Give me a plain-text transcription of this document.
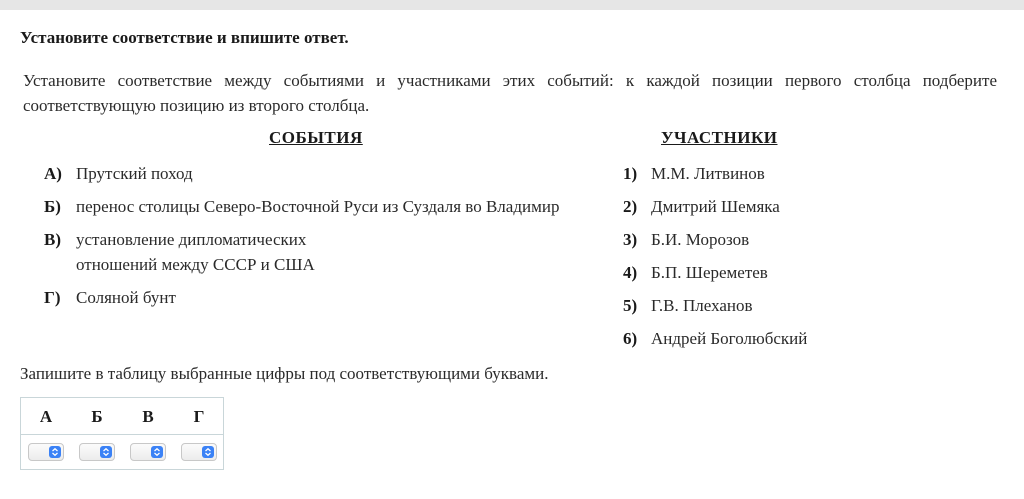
Установите соответствие и впишите ответ.
Установите соответствие между событиями и участниками этих событий: к каждой позиции первого столбца подберите соответствующую позицию из второго столбца.
СОБЫТИЯ	УЧАСТНИКИ
А) Прутский поход
Б) перенос столицы Северо-Восточной Руси из Суздаля во Владимир
В) установление дипломатических
отношений между СССР и США
Г) Соляной бунт
1) М.М. Литвинов
2) Дмитрий Шемяка
3) Б.И. Морозов
4) Б.П. Шереметев
5) Г.В. Плеханов
6) Андрей Боголюбский
Запишите в таблицу выбранные цифры под соответствующими буквами.
А	Б	В	Г
